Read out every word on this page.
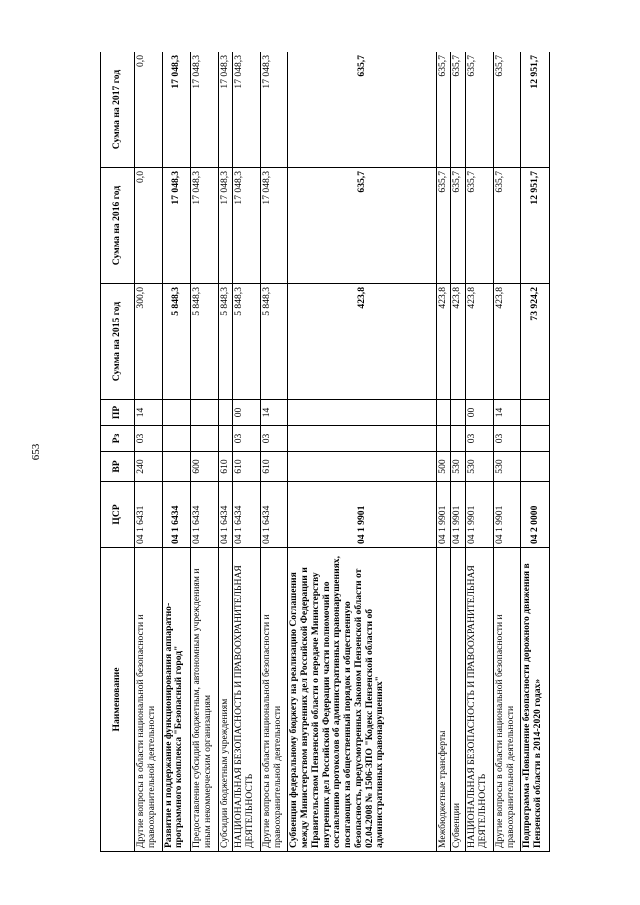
653
Наименование	ЦСР	ВР	Рз	ПР	Сумма на 2015 год	Сумма на 2016 год	Сумма на 2017 год
Другие вопросы в области национальной безопасности и правоохранительной деятельности	04 1 6431	240	03	14	300,0	0,0	0,0
Развитие и поддержание функционирования аппаратно-программного комплекса "Безопасный город"	04 1 6434				5 848,3	17 048,3	17 048,3
Предоставление субсидий бюджетным, автономным учреждениям и иным некоммерческим организациям	04 1 6434	600			5 848,3	17 048,3	17 048,3
Субсидии бюджетным учреждениям	04 1 6434	610			5 848,3	17 048,3	17 048,3
НАЦИОНАЛЬНАЯ БЕЗОПАСНОСТЬ И ПРАВООХРАНИТЕЛЬНАЯ ДЕЯТЕЛЬНОСТЬ	04 1 6434	610	03	00	5 848,3	17 048,3	17 048,3
Другие вопросы в области национальной безопасности и правоохранительной деятельности	04 1 6434	610	03	14	5 848,3	17 048,3	17 048,3
Субвенции федеральному бюджету на реализацию Соглашения между Министерством внутренних дел Российской Федерации и Правительством Пензенской области о передаче Министерству внутренних дел Российской Федерации части полномочий по составлению протоколов об административных правонарушениях, посягающих на общественный порядок и общественную безопасность, предусмотренных Законом Пензенской области от 02.04.2008 № 1506-ЗПО "Кодекс Пензенской области об административных правонарушениях"	04 1 9901				423,8	635,7	635,7
Межбюджетные трансферты	04 1 9901	500			423,8	635,7	635,7
Субвенции	04 1 9901	530			423,8	635,7	635,7
НАЦИОНАЛЬНАЯ БЕЗОПАСНОСТЬ И ПРАВООХРАНИТЕЛЬНАЯ ДЕЯТЕЛЬНОСТЬ	04 1 9901	530	03	00	423,8	635,7	635,7
Другие вопросы в области национальной безопасности и правоохранительной деятельности	04 1 9901	530	03	14	423,8	635,7	635,7
Подпрограмма «Повышение безопасности дорожного движения в Пензенской области в 2014-2020 годах»	04 2 0000				73 924,2	12 951,7	12 951,7
